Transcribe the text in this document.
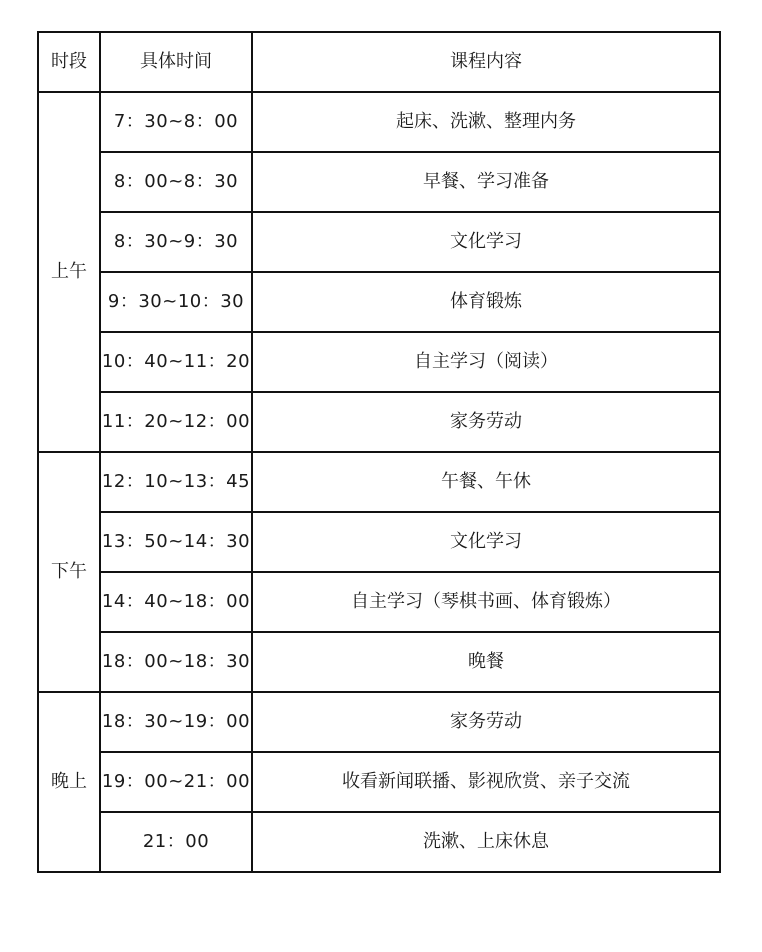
时段	具体时间	课程内容
上午	7：30~8：00	起床、洗漱、整理内务
	8：00~8：30	早餐、学习准备
	8：30~9：30	文化学习
	9：30~10：30	体育锻炼
	10：40~11：20	自主学习（阅读）
	11：20~12：00	家务劳动
下午	12：10~13：45	午餐、午休
	13：50~14：30	文化学习
	14：40~18：00	自主学习（琴棋书画、体育锻炼）
	18：00~18：30	晚餐
晚上	18：30~19：00	家务劳动
	19：00~21：00	收看新闻联播、影视欣赏、亲子交流
	21：00	洗漱、上床休息
